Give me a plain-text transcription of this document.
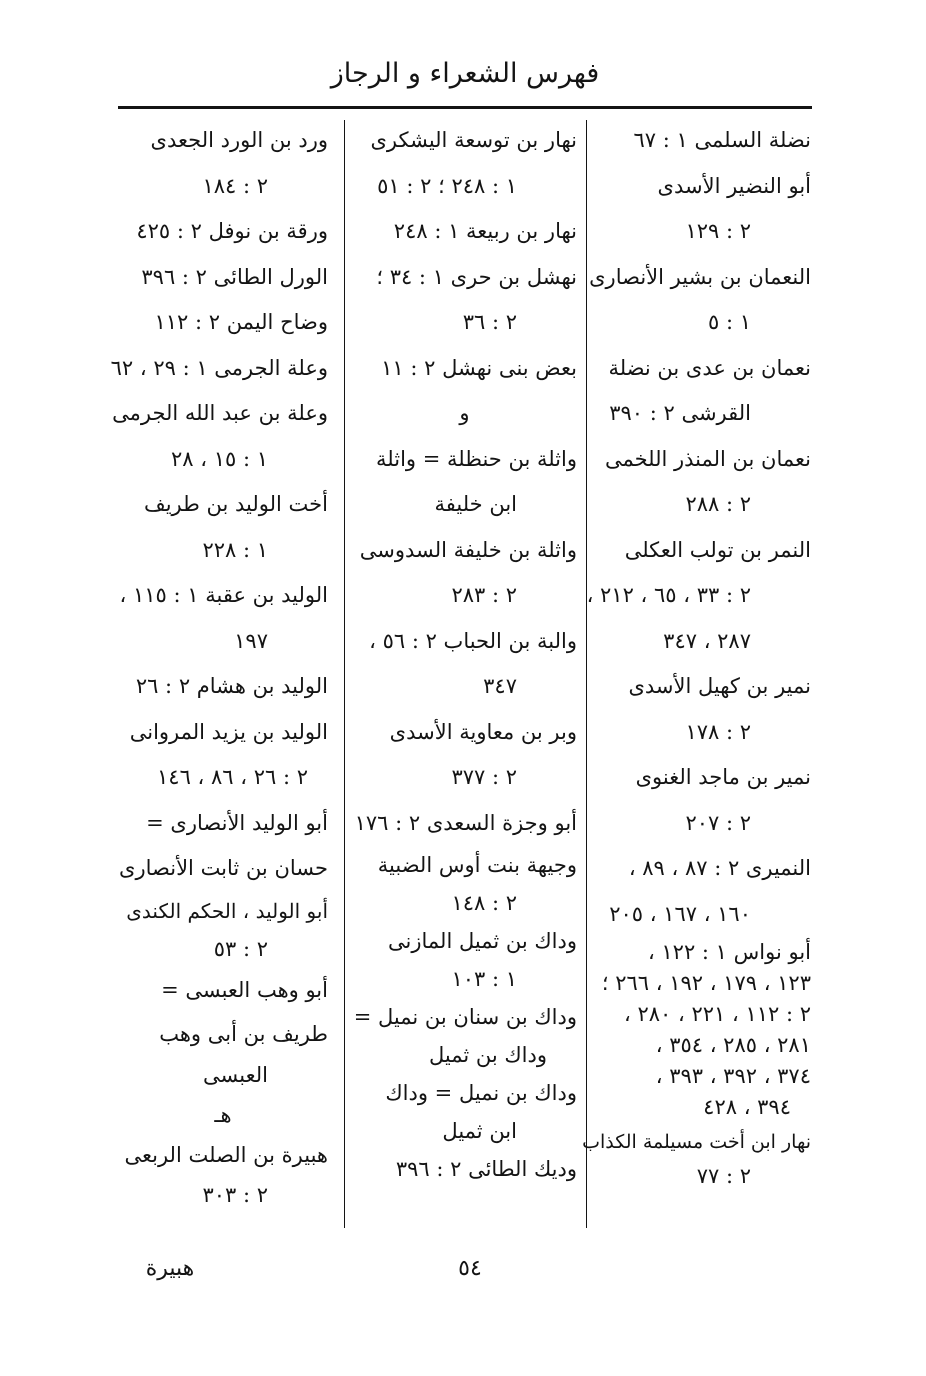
فهرس الشعراء و الرجاز
نضلة السلمى ١ : ٦٧
أبو النضير الأسدى
٢ : ١٢٩
النعمان بن بشير الأنصارى
١ : ٥
نعمان بن عدى بن نضلة
القرشى ٢ : ٣٩٠
نعمان بن المنذر اللخمى
٢ : ٢٨٨
النمر بن تولب العكلى
٢ : ٣٣ ، ٦٥ ، ٢١٢ ،
٢٨٧ ، ٣٤٧
نمير بن كهيل الأسدى
٢ : ١٧٨
نمير بن ماجد الغنوى
٢ : ٢٠٧
النميرى ٢ : ٨٧ ، ٨٩ ،
١٦٠ ، ١٦٧ ، ٢٠٥
أبو نواس ١ : ١٢٢ ،
١٢٣ ، ١٧٩ ، ١٩٢ ، ٢٦٦ ؛
٢ : ١١٢ ، ٢٢١ ، ٢٨٠ ،
٢٨١ ، ٢٨٥ ، ٣٥٤ ،
٣٧٤ ، ٣٩٢ ، ٣٩٣ ،
٣٩٤ ، ٤٢٨
نهار ابن أخت مسيلمة الكذاب
٢ : ٧٧
نهار بن توسعة اليشكرى
١ : ٢٤٨ ؛ ٢ : ٥١
نهار بن ربيعة ١ : ٢٤٨
نهشل بن حرى ١ : ٣٤ ؛
٢ : ٣٦
بعض بنى نهشل ٢ : ١١
و
واثلة بن حنظلة = واثلة
ابن خليفة
واثلة بن خليفة السدوسى
٢ : ٢٨٣
والبة بن الحباب ٢ : ٥٦ ،
٣٤٧
وبر بن معاوية الأسدى
٢ : ٣٧٧
أبو وجزة السعدى ٢ : ١٧٦
وجيهة بنت أوس الضبية
٢ : ١٤٨
وداك بن ثميل المازنى
١ : ١٠٣
وداك بن سنان بن نميل =
وداك بن ثميل
وداك بن نميل = وداك
ابن ثميل
وديك الطائى ٢ : ٣٩٦
ورد بن الورد الجعدى
٢ : ١٨٤
ورقة بن نوفل ٢ : ٤٢٥
الورل الطائى ٢ : ٣٩٦
وضاح اليمن ٢ : ١١٢
وعلة الجرمى ١ : ٢٩ ، ٦٢
وعلة بن عبد الله الجرمى
١ : ١٥ ، ٢٨
أخت الوليد بن طريف
١ : ٢٢٨
الوليد بن عقبة ١ : ١١٥ ،
١٩٧
الوليد بن هشام ٢ : ٢٦
الوليد بن يزيد المروانى
٢ : ٢٦ ، ٨٦ ، ١٤٦
أبو الوليد الأنصارى =
حسان بن ثابت الأنصارى
أبو الوليد ، الحكم الكندى
٢ : ٥٣
أبو وهب العبسى =
طريف بن أبى وهب
العبسى
هـ
هبيرة بن الصلت الربعى
٢ : ٣٠٣
٥٤
هبيرة
